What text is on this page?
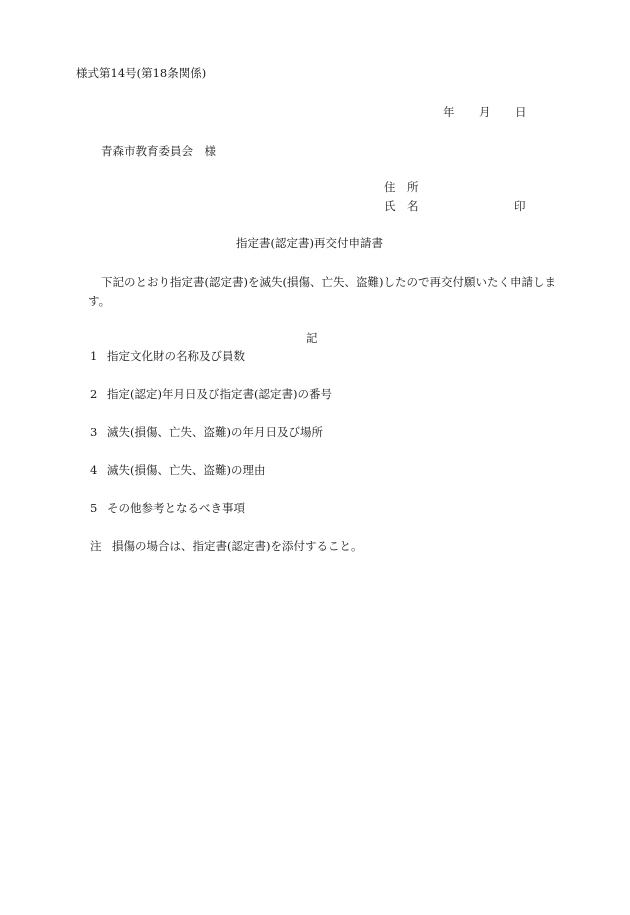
様式第14号(第18条関係)
年 月 日
青森市教育委員会　様
住　所
氏　名	印
指定書(認定書)再交付申請書
下記のとおり指定書(認定書)を滅失(損傷、亡失、盗難)したので再交付願いたく申請します。
記
1 指定文化財の名称及び員数
2 指定(認定)年月日及び指定書(認定書)の番号
3 滅失(損傷、亡失、盗難)の年月日及び場所
4 滅失(損傷、亡失、盗難)の理由
5 その他参考となるべき事項
注 損傷の場合は、指定書(認定書)を添付すること。
